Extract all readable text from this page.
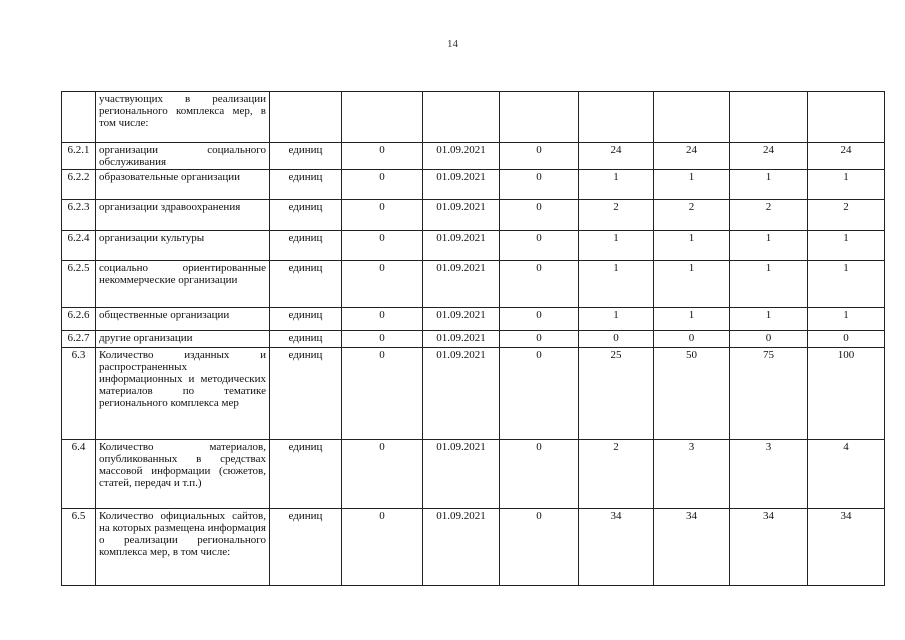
14
	участвующих в реализации регионального комплекса мер, в том числе:								
6.2.1	организации социального обслуживания	единиц	0	01.09.2021	0	24	24	24	24
6.2.2	образовательные организации	единиц	0	01.09.2021	0	1	1	1	1
6.2.3	организации здравоохранения	единиц	0	01.09.2021	0	2	2	2	2
6.2.4	организации культуры	единиц	0	01.09.2021	0	1	1	1	1
6.2.5	социально ориентированные некоммерческие организации	единиц	0	01.09.2021	0	1	1	1	1
6.2.6	общественные организации	единиц	0	01.09.2021	0	1	1	1	1
6.2.7	другие организации	единиц	0	01.09.2021	0	0	0	0	0
6.3	Количество изданных и распространенных информационных и методических материалов по тематике регионального комплекса мер	единиц	0	01.09.2021	0	25	50	75	100
6.4	Количество материалов, опубликованных в средствах массовой информации (сюжетов, статей, передач и т.п.)	единиц	0	01.09.2021	0	2	3	3	4
6.5	Количество официальных сайтов, на которых размещена информация о реализации регионального комплекса мер, в том числе:	единиц	0	01.09.2021	0	34	34	34	34
